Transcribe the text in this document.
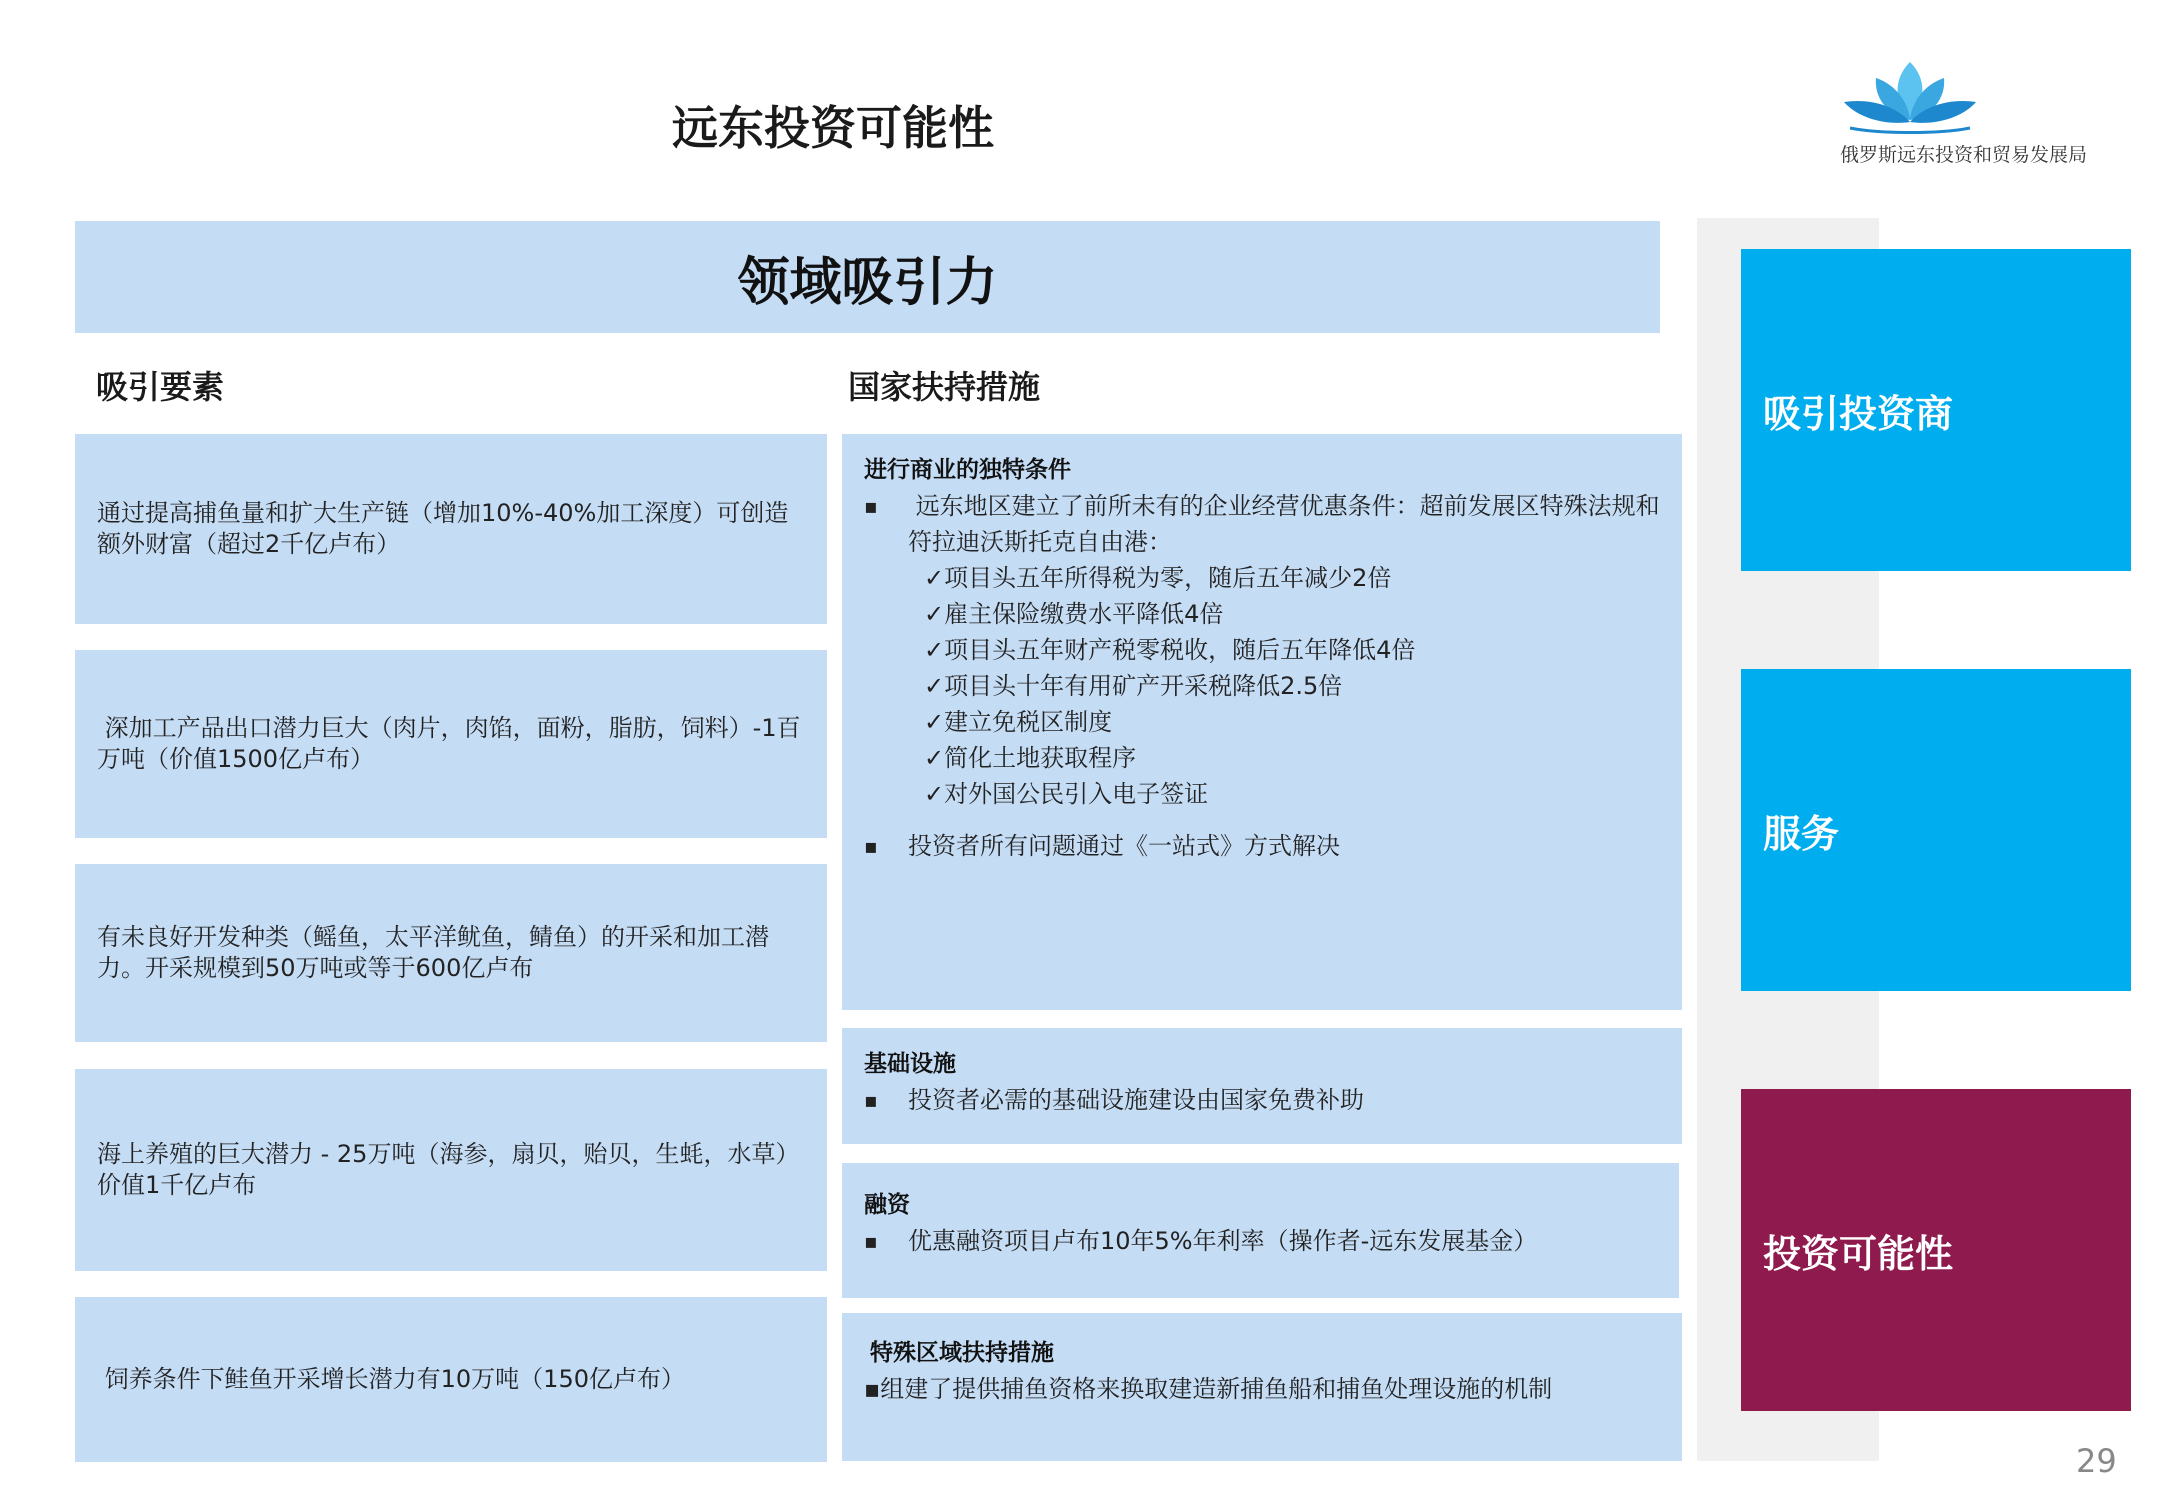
远东投资可能性	俄罗斯远东投资和贸易发展局
领域吸引力
吸引要素	国家扶持措施
通过提高捕鱼量和扩大生产链（增加10%-40%加工深度）可创造额外财富（超过2千亿卢布）
深加工产品出口潜力巨大（肉片，肉馅，面粉，脂肪，饲料）-1百万吨（价值1500亿卢布）
有未良好开发种类（鳐鱼，太平洋鱿鱼，鲭鱼）的开采和加工潜力。开采规模到50万吨或等于600亿卢布
海上养殖的巨大潜力 - 25万吨（海参，扇贝，贻贝，生蚝，水草）价值1千亿卢布
饲养条件下鲑鱼开采增长潜力有10万吨（150亿卢布）
进行商业的独特条件
▪  远东地区建立了前所未有的企业经营优惠条件：超前发展区特殊法规和符拉迪沃斯托克自由港：
✓项目头五年所得税为零，随后五年减少2倍
✓雇主保险缴费水平降低4倍
✓项目头五年财产税零税收，随后五年降低4倍
✓项目头十年有用矿产开采税降低2.5倍
✓建立免税区制度
✓简化土地获取程序
✓对外国公民引入电子签证
▪ 投资者所有问题通过《一站式》方式解决
基础设施
▪ 投资者必需的基础设施建设由国家免费补助
融资
▪ 优惠融资项目卢布10年5%年利率（操作者-远东发展基金）
特殊区域扶持措施
▪组建了提供捕鱼资格来换取建造新捕鱼船和捕鱼处理设施的机制
吸引投资商
服务
投资可能性
29
